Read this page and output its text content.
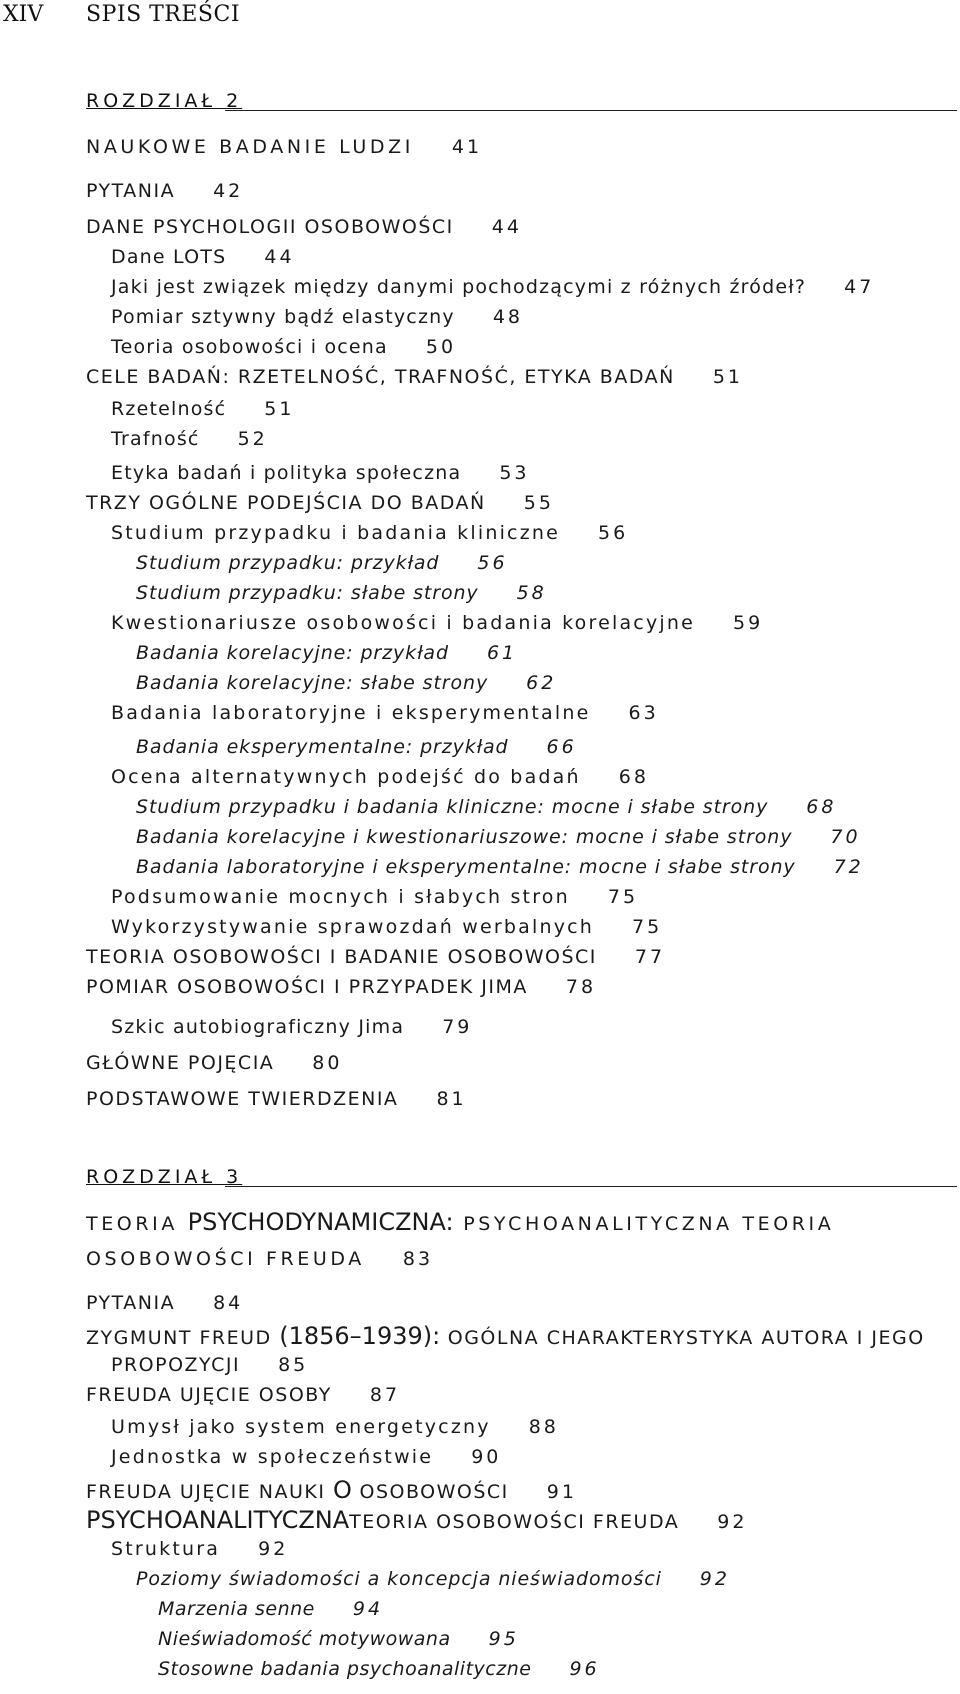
XIV SPIS TREŚCI
ROZDZIAŁ 2
NAUKOWE BADANIE LUDZI 41
PYTANIA 42
DANE PSYCHOLOGII OSOBOWOŚCI 44
Dane LOTS 44
Jaki jest związek między danymi pochodzącymi z różnych źródeł? 47
Pomiar sztywny bądź elastyczny 48
Teoria osobowości i ocena 50
CELE BADAŃ: RZETELNOŚĆ, TRAFNOŚĆ, ETYKA BADAŃ 51
Rzetelność 51
Trafność 52
Etyka badań i polityka społeczna 53
TRZY OGÓLNE PODEJŚCIA DO BADAŃ 55
Studium przypadku i badania kliniczne 56
Studium przypadku: przykład 56
Studium przypadku: słabe strony 58
Kwestionariusze osobowości i badania korelacyjne 59
Badania korelacyjne: przykład 61
Badania korelacyjne: słabe strony 62
Badania laboratoryjne i eksperymentalne 63
Badania eksperymentalne: przykład 66
Ocena alternatywnych podejść do badań 68
Studium przypadku i badania kliniczne: mocne i słabe strony 68
Badania korelacyjne i kwestionariuszowe: mocne i słabe strony 70
Badania laboratoryjne i eksperymentalne: mocne i słabe strony 72
Podsumowanie mocnych i słabych stron 75
Wykorzystywanie sprawozdań werbalnych 75
TEORIA OSOBOWOŚCI I BADANIE OSOBOWOŚCI 77
POMIAR OSOBOWOŚCI I PRZYPADEK JIMA 78
Szkic autobiograficzny Jima 79
GŁÓWNE POJĘCIA 80
PODSTAWOWE TWIERDZENIA 81
ROZDZIAŁ 3
TEORIA PSYCHODYNAMICZNA: PSYCHOANALITYCZNA TEORIA
OSOBOWOŚCI FREUDA 83
PYTANIA 84
ZYGMUNT FREUD (1856–1939): OGÓLNA CHARAKTERYSTYKA AUTORA I JEGO
PROPOZYCJI 85
FREUDA UJĘCIE OSOBY 87
Umysł jako system energetyczny 88
Jednostka w społeczeństwie 90
FREUDA UJĘCIE NAUKI O OSOBOWOŚCI 91
PSYCHOANALITYCZNATEORIA OSOBOWOŚCI FREUDA 92
Struktura 92
Poziomy świadomości a koncepcja nieświadomości 92
Marzenia senne 94
Nieświadomość motywowana 95
Stosowne badania psychoanalityczne 96
